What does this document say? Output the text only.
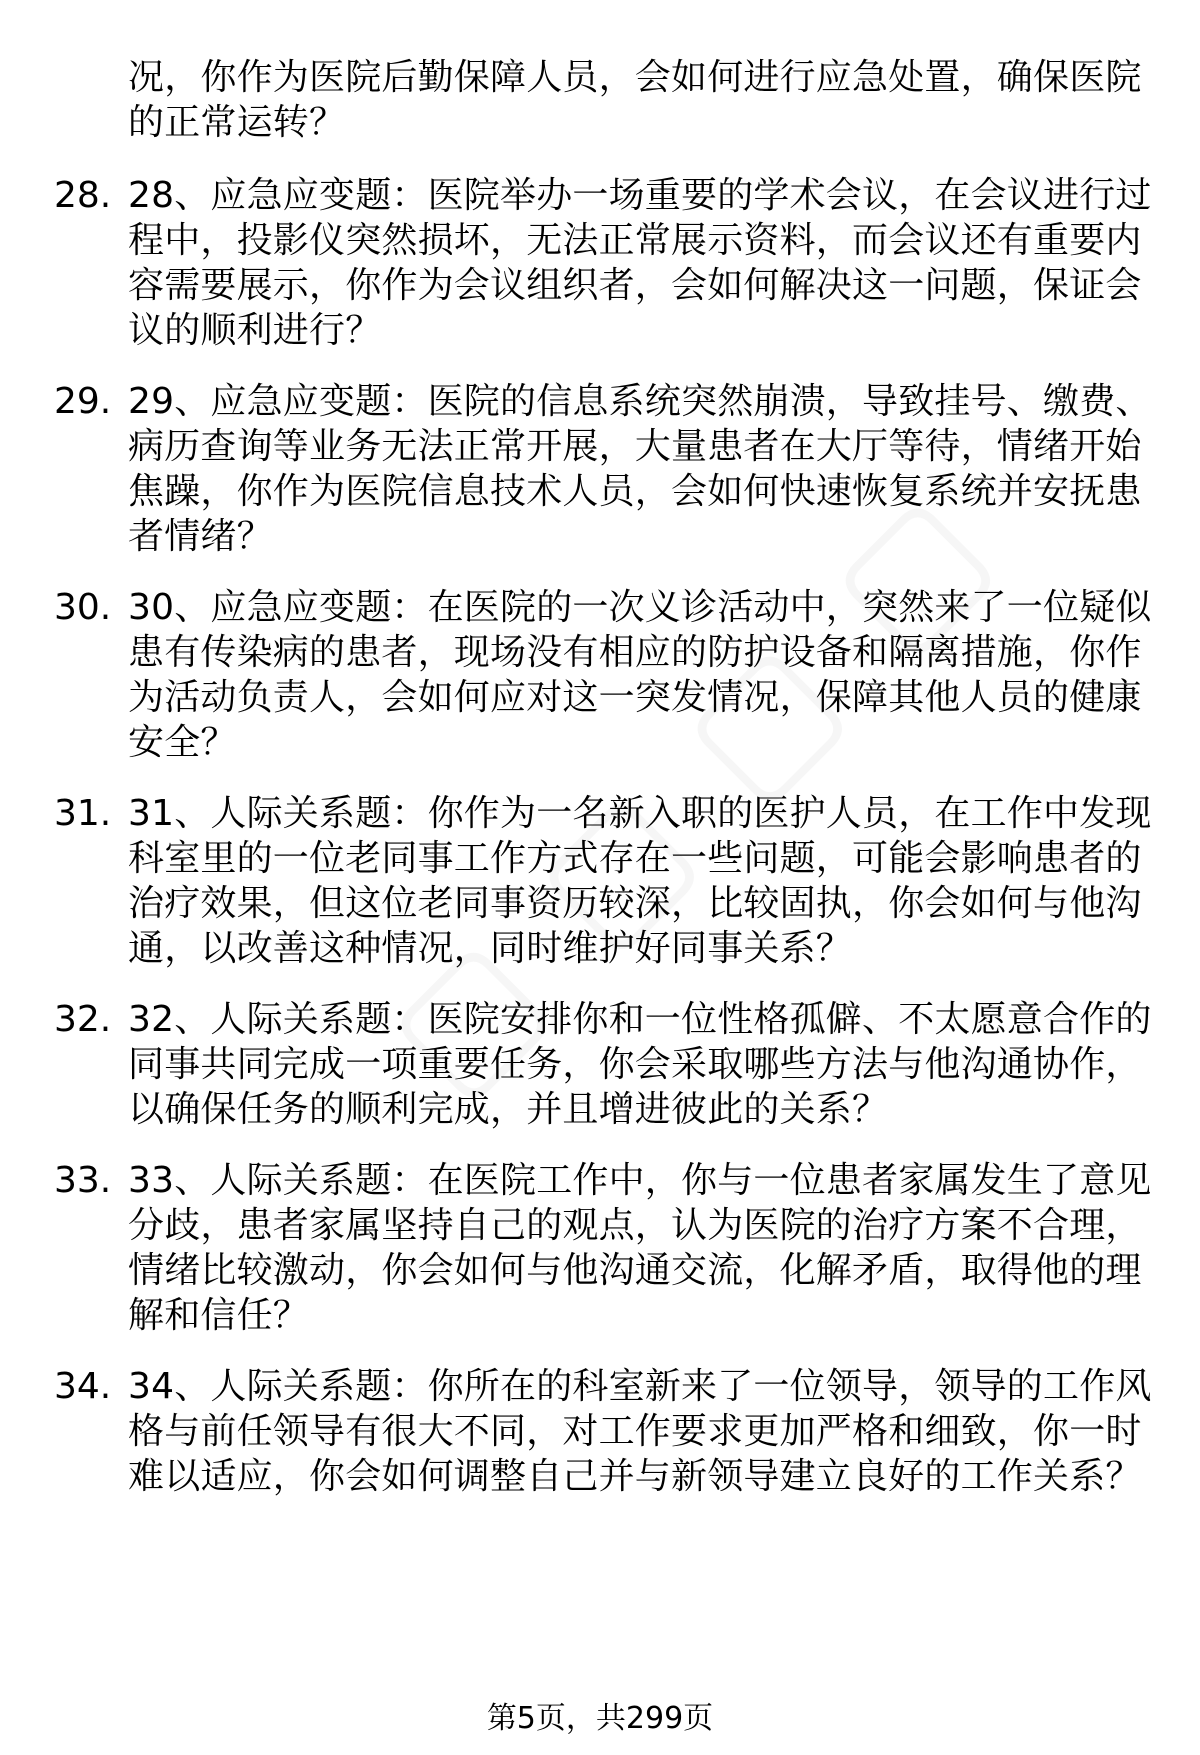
况，你作为医院后勤保障人员，会如何进行应急处置，确保医院
的正常运转？
28. 28、应急应变题：医院举办一场重要的学术会议，在会议进行过
程中，投影仪突然损坏，无法正常展示资料，而会议还有重要内
容需要展示，你作为会议组织者，会如何解决这一问题，保证会
议的顺利进行？
29. 29、应急应变题：医院的信息系统突然崩溃，导致挂号、缴费、
病历查询等业务无法正常开展，大量患者在大厅等待，情绪开始
焦躁，你作为医院信息技术人员，会如何快速恢复系统并安抚患
者情绪？
30. 30、应急应变题：在医院的一次义诊活动中，突然来了一位疑似
患有传染病的患者，现场没有相应的防护设备和隔离措施，你作
为活动负责人，会如何应对这一突发情况，保障其他人员的健康
安全？
31. 31、人际关系题：你作为一名新入职的医护人员，在工作中发现
科室里的一位老同事工作方式存在一些问题，可能会影响患者的
治疗效果，但这位老同事资历较深，比较固执，你会如何与他沟
通，以改善这种情况，同时维护好同事关系？
32. 32、人际关系题：医院安排你和一位性格孤僻、不太愿意合作的
同事共同完成一项重要任务，你会采取哪些方法与他沟通协作，
以确保任务的顺利完成，并且增进彼此的关系？
33. 33、人际关系题：在医院工作中，你与一位患者家属发生了意见
分歧，患者家属坚持自己的观点，认为医院的治疗方案不合理，
情绪比较激动，你会如何与他沟通交流，化解矛盾，取得他的理
解和信任？
34. 34、人际关系题：你所在的科室新来了一位领导，领导的工作风
格与前任领导有很大不同，对工作要求更加严格和细致，你一时
难以适应，你会如何调整自己并与新领导建立良好的工作关系？
第5页，共299页
